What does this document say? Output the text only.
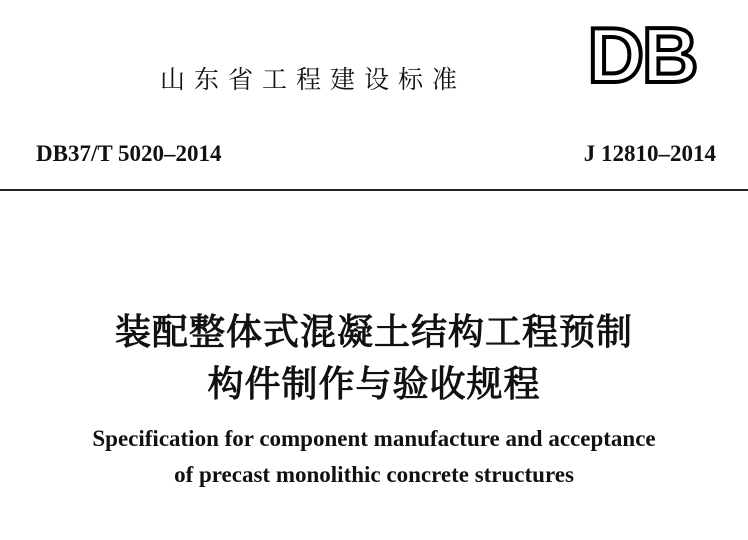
山东省工程建设标准 DB
DB37/T 5020–2014	J 12810–2014
装配整体式混凝土结构工程预制
构件制作与验收规程
Specification for component manufacture and acceptance
of precast monolithic concrete structures
